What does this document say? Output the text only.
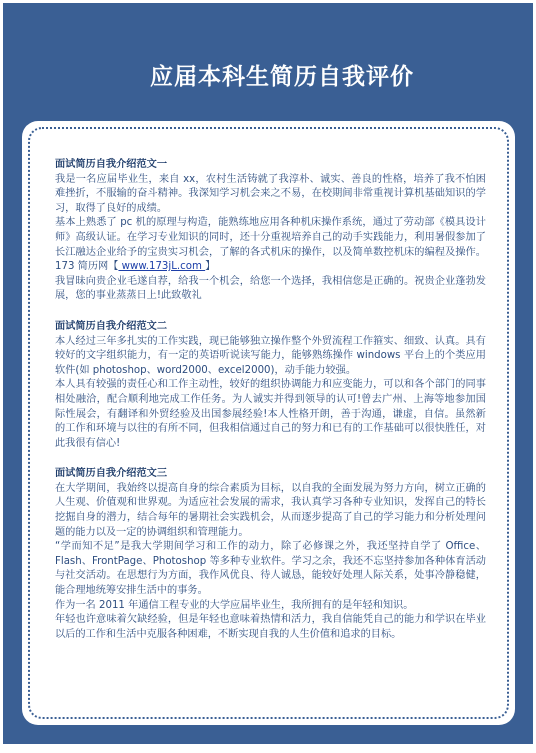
应届本科生简历自我评价

面试简历自我介绍范文一

我是一名应届毕业生，来自 xx，农村生活铸就了我淳朴、诚实、善良的性格，培养了我不怕困难挫折，不服输的奋斗精神。我深知学习机会来之不易，在校期间非常重视计算机基础知识的学习，取得了良好的成绩。

基本上熟悉了 pc 机的原理与构造，能熟练地应用各种机床操作系统，通过了劳动部《模具设计师》高级认证。在学习专业知识的同时，还十分重视培养自己的动手实践能力，利用暑假参加了长江融达企业给予的宝贵实习机会，了解的各式机床的操作，以及简单数控机床的编程及操作。173 简历网【 www.173jL.com 】

我冒昧向贵企业毛遂自荐，给我一个机会，给您一个选择，我相信您是正确的。祝贵企业蓬勃发展，您的事业蒸蒸日上!此致敬礼

面试简历自我介绍范文二

本人经过三年多扎实的工作实践，现已能够独立操作整个外贸流程工作箍实、细致、认真。具有较好的文字组织能力，有一定的英语听说读写能力，能够熟练操作 windows 平台上的个类应用软件(如 photoshop、word2000、excel2000)，动手能力较强。

本人具有较强的责任心和工作主动性，较好的组织协调能力和应变能力，可以和各个部门的同事相处融洽，配合顺利地完成工作任务。为人诚实并得到领导的认可!曾去广州、上海等地参加国际性展会，有翻译和外贸经验及出国参展经验!本人性格开朗，善于沟通，谦虚，自信。虽然新的工作和环境与以往的有所不同，但我相信通过自己的努力和已有的工作基础可以很快胜任，对此我很有信心!

面试简历自我介绍范文三

在大学期间，我始终以提高自身的综合素质为目标，以自我的全面发展为努力方向，树立正确的人生观、价值观和世界观。为适应社会发展的需求，我认真学习各种专业知识，发挥自己的特长挖掘自身的潜力，结合每年的暑期社会实践机会，从而逐步提高了自己的学习能力和分析处理问题的能力以及一定的协调组织和管理能力。

“学而知不足”是我大学期间学习和工作的动力，除了必修课之外，我还坚持自学了 Office、Flash、FrontPage、Photoshop 等多种专业软件。学习之余，我还不忘坚持参加各种体育活动与社交活动。在思想行为方面，我作风优良、待人诚恳，能较好处理人际关系，处事冷静稳健，能合理地统筹安排生活中的事务。

作为一名 2011 年通信工程专业的大学应届毕业生，我所拥有的是年轻和知识。

年轻也许意味着欠缺经验，但是年轻也意味着热情和活力，我自信能凭自己的能力和学识在毕业以后的工作和生活中克服各种困难，不断实现自我的人生价值和追求的目标。
